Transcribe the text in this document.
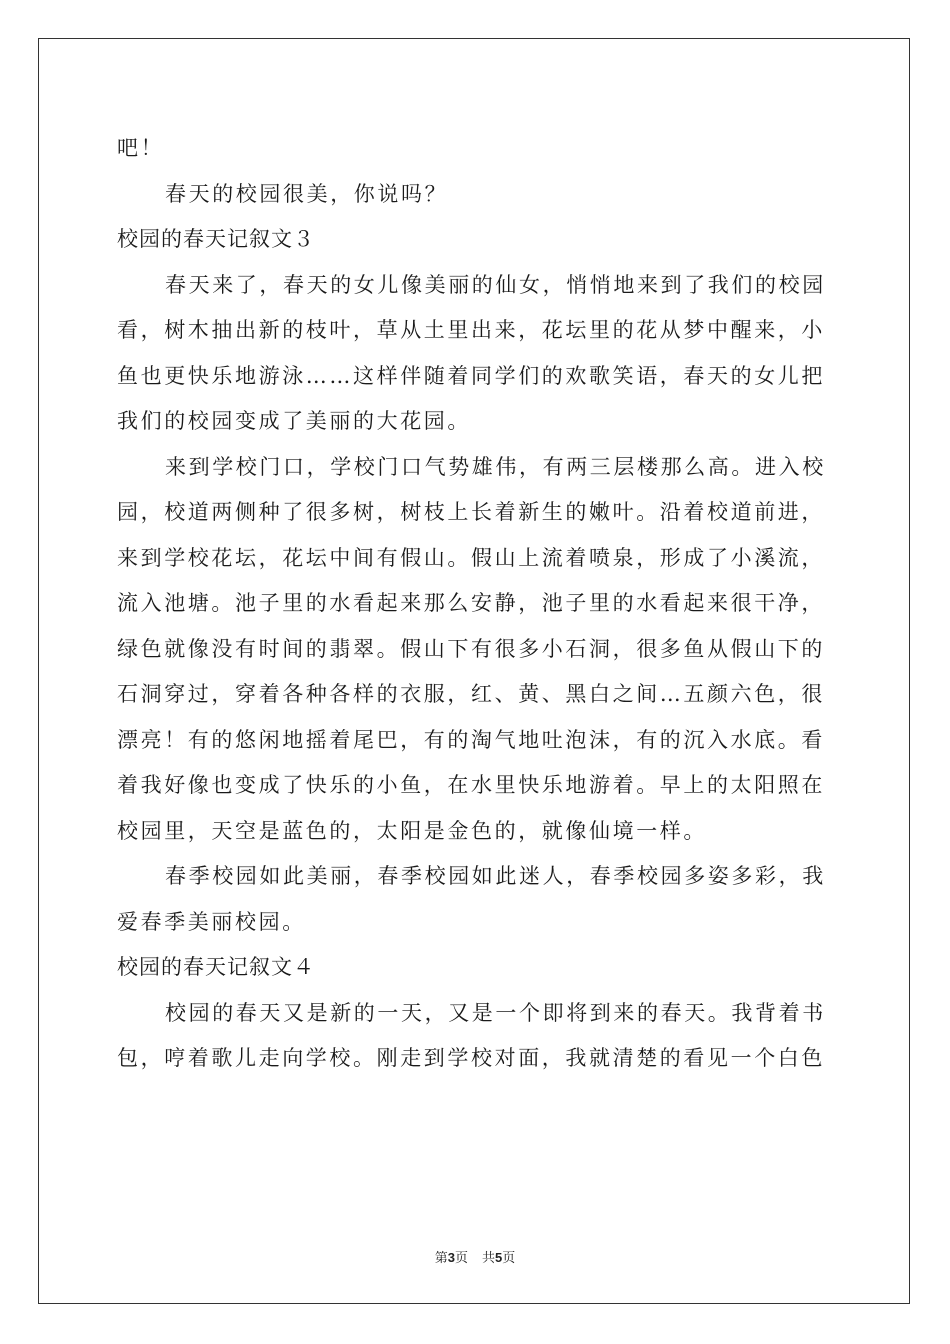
吧！
春天的校园很美，你说吗？
校园的春天记叙文３
春天来了，春天的女儿像美丽的仙女，悄悄地来到了我们的校园
看，树木抽出新的枝叶，草从土里出来，花坛里的花从梦中醒来，小
鱼也更快乐地游泳……这样伴随着同学们的欢歌笑语，春天的女儿把
我们的校园变成了美丽的大花园。
来到学校门口，学校门口气势雄伟，有两三层楼那么高。进入校
园，校道两侧种了很多树，树枝上长着新生的嫩叶。沿着校道前进，
来到学校花坛，花坛中间有假山。假山上流着喷泉，形成了小溪流，
流入池塘。池子里的水看起来那么安静，池子里的水看起来很干净，
绿色就像没有时间的翡翠。假山下有很多小石洞，很多鱼从假山下的
石洞穿过，穿着各种各样的衣服，红、黄、黑白之间…五颜六色，很
漂亮！有的悠闲地摇着尾巴，有的淘气地吐泡沫，有的沉入水底。看
着我好像也变成了快乐的小鱼，在水里快乐地游着。早上的太阳照在
校园里，天空是蓝色的，太阳是金色的，就像仙境一样。
春季校园如此美丽，春季校园如此迷人，春季校园多姿多彩，我
爱春季美丽校园。
校园的春天记叙文４
校园的春天又是新的一天，又是一个即将到来的春天。我背着书
包，哼着歌儿走向学校。刚走到学校对面，我就清楚的看见一个白色
第3页 共5页
